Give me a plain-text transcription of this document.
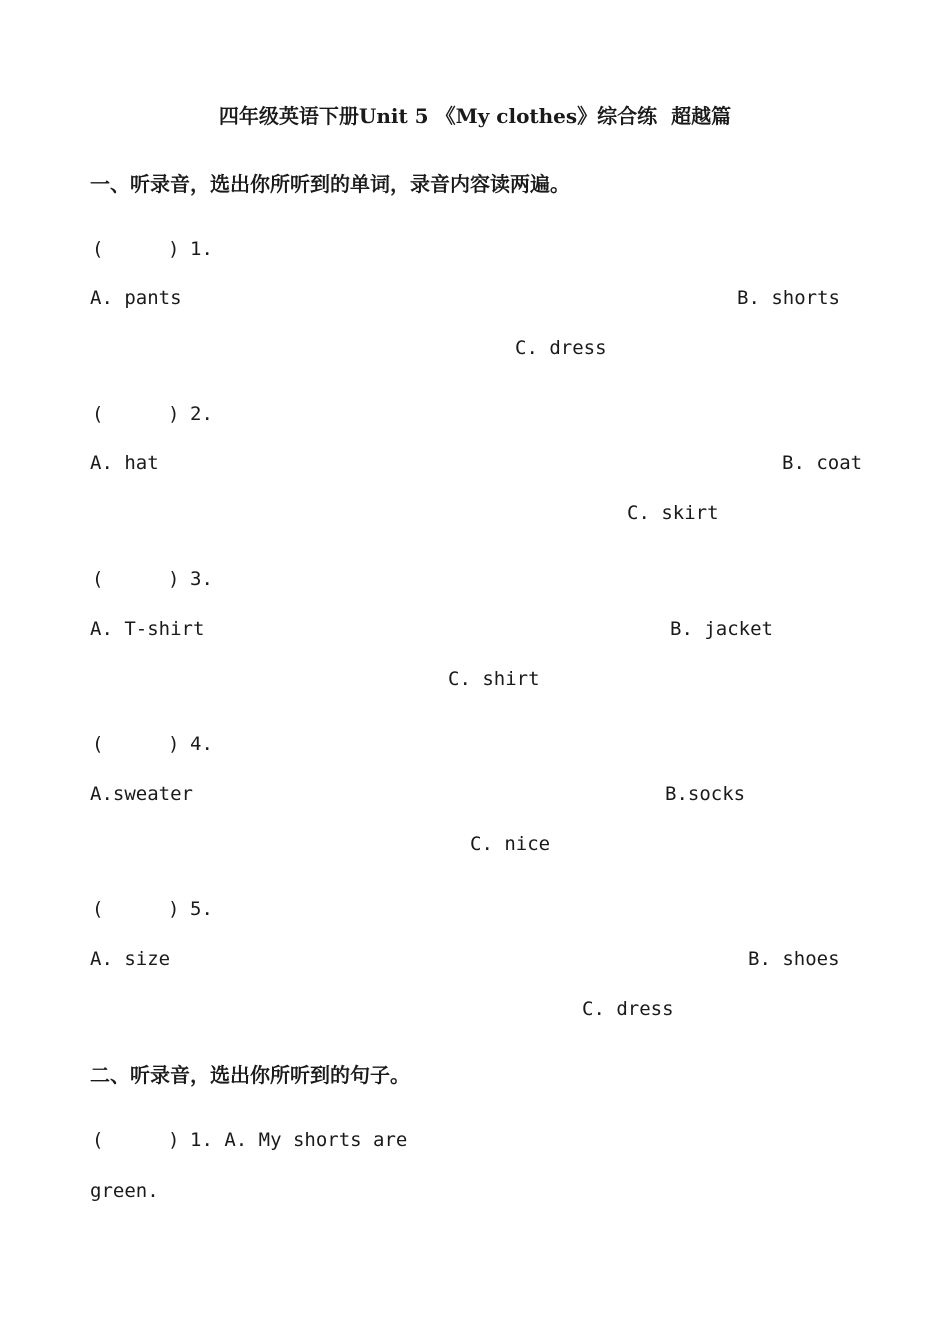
四年级英语下册Unit 5 《My clothes》综合练  超越篇
一、听录音，选出你所听到的单词，录音内容读两遍。
(	) 1.
A. pants	B. shorts
C. dress
(	) 2.
A. hat	B. coat
C. skirt
(	) 3.
A. T-shirt	B. jacket
C. shirt
(	) 4.
A.sweater	B.socks
C. nice
(	) 5.
A. size	B. shoes
C. dress
二、听录音，选出你所听到的句子。
(	) 1. A. My shorts are
green.
